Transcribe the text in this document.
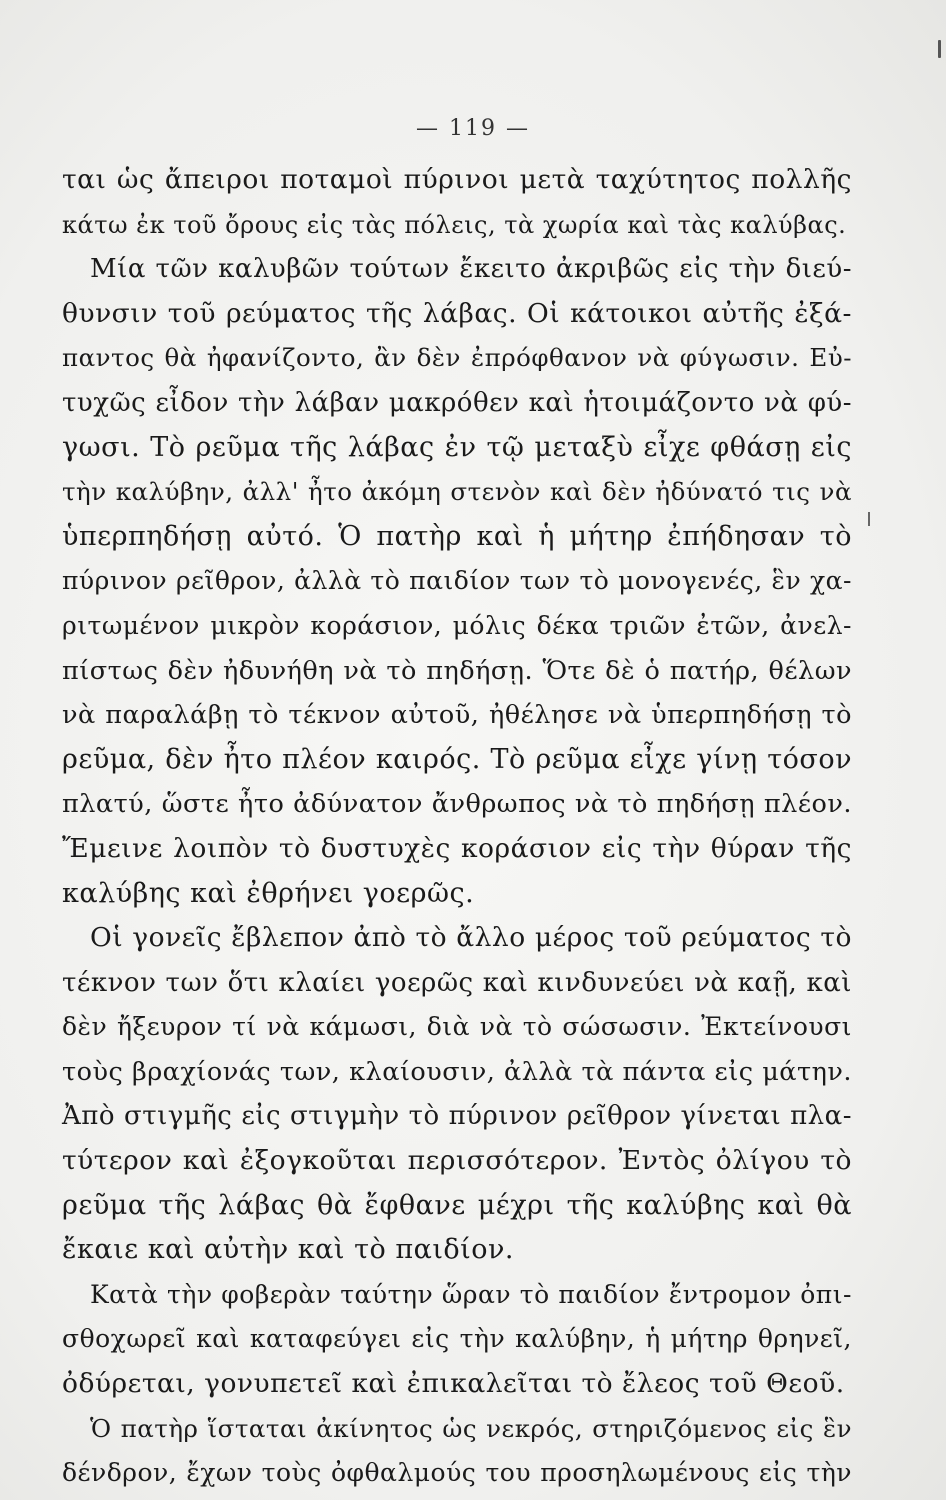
— 119 —
ται ὡς ἄπειροι ποταμοὶ πύρινοι μετὰ ταχύτητος πολλῆς
κάτω ἐκ τοῦ ὄρους εἰς τὰς πόλεις, τὰ χωρία καὶ τὰς καλύβας.
Μία τῶν καλυβῶν τούτων ἔκειτο ἀκριβῶς εἰς τὴν διεύ-
θυνσιν τοῦ ρεύματος τῆς λάβας. Οἱ κάτοικοι αὐτῆς ἐξά-
παντος θὰ ἠφανίζοντο, ἂν δὲν ἐπρόφθανον νὰ φύγωσιν. Εὐ-
τυχῶς εἶδον τὴν λάβαν μακρόθεν καὶ ἡτοιμάζοντο νὰ φύ-
γωσι. Τὸ ρεῦμα τῆς λάβας ἐν τῷ μεταξὺ εἶχε φθάσῃ εἰς
τὴν καλύβην, ἀλλ' ἦτο ἀκόμη στενὸν καὶ δὲν ἠδύνατό τις νὰ
ὑπερπηδήσῃ αὐτό. Ὁ πατὴρ καὶ ἡ μήτηρ ἐπήδησαν τὸ
πύρινον ρεῖθρον, ἀλλὰ τὸ παιδίον των τὸ μονογενές, ἓν χα-
ριτωμένον μικρὸν κοράσιον, μόλις δέκα τριῶν ἐτῶν, ἀνελ-
πίστως δὲν ἠδυνήθη νὰ τὸ πηδήσῃ. Ὅτε δὲ ὁ πατήρ, θέλων
νὰ παραλάβῃ τὸ τέκνον αὐτοῦ, ἠθέλησε νὰ ὑπερπηδήσῃ τὸ
ρεῦμα, δὲν ἦτο πλέον καιρός. Τὸ ρεῦμα εἶχε γίνῃ τόσον
πλατύ, ὥστε ἦτο ἀδύνατον ἄνθρωπος νὰ τὸ πηδήσῃ πλέον.
Ἔμεινε λοιπὸν τὸ δυστυχὲς κοράσιον εἰς τὴν θύραν τῆς
καλύβης καὶ ἐθρήνει γοερῶς.
Οἱ γονεῖς ἔβλεπον ἀπὸ τὸ ἄλλο μέρος τοῦ ρεύματος τὸ
τέκνον των ὅτι κλαίει γοερῶς καὶ κινδυνεύει νὰ καῇ, καὶ
δὲν ἤξευρον τί νὰ κάμωσι, διὰ νὰ τὸ σώσωσιν. Ἐκτείνουσι
τοὺς βραχίονάς των, κλαίουσιν, ἀλλὰ τὰ πάντα εἰς μάτην.
Ἀπὸ στιγμῆς εἰς στιγμὴν τὸ πύρινον ρεῖθρον γίνεται πλα-
τύτερον καὶ ἐξογκοῦται περισσότερον. Ἐντὸς ὀλίγου τὸ
ρεῦμα τῆς λάβας θὰ ἔφθανε μέχρι τῆς καλύβης καὶ θὰ
ἔκαιε καὶ αὐτὴν καὶ τὸ παιδίον.
Κατὰ τὴν φοβερὰν ταύτην ὥραν τὸ παιδίον ἔντρομον ὀπι-
σθοχωρεῖ καὶ καταφεύγει εἰς τὴν καλύβην, ἡ μήτηρ θρηνεῖ,
ὀδύρεται, γονυπετεῖ καὶ ἐπικαλεῖται τὸ ἔλεος τοῦ Θεοῦ.
Ὁ πατὴρ ἵσταται ἀκίνητος ὡς νεκρός, στηριζόμενος εἰς ἓν
δένδρον, ἔχων τοὺς ὀφθαλμούς του προσηλωμένους εἰς τὴν
